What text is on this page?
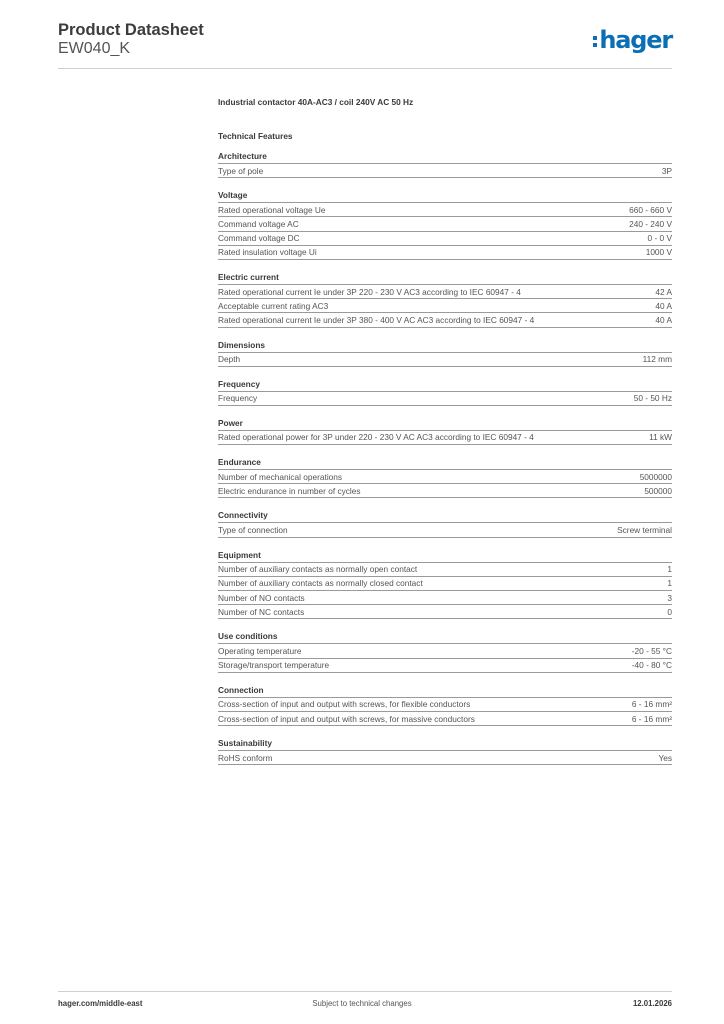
Product Datasheet
EW040_K	hager
Industrial contactor 40A-AC3 / coil 240V AC 50 Hz
Technical Features
Architecture
Type of pole	3P
Voltage
Rated operational voltage Ue	660 - 660 V
Command voltage AC	240 - 240 V
Command voltage DC	0 - 0 V
Rated insulation voltage Ui	1000 V
Electric current
Rated operational current Ie under 3P 220 - 230 V AC3 according to IEC 60947 - 4	42 A
Acceptable current rating AC3	40 A
Rated operational current Ie under 3P 380 - 400 V AC AC3 according to IEC 60947 - 4	40 A
Dimensions
Depth	112 mm
Frequency
Frequency	50 - 50 Hz
Power
Rated operational power for 3P under 220 - 230 V AC AC3 according to IEC 60947 - 4	11 kW
Endurance
Number of mechanical operations	5000000
Electric endurance in number of cycles	500000
Connectivity
Type of connection	Screw terminal
Equipment
Number of auxiliary contacts as normally open contact	1
Number of auxiliary contacts as normally closed contact	1
Number of NO contacts	3
Number of NC contacts	0
Use conditions
Operating temperature	-20 - 55 °C
Storage/transport temperature	-40 - 80 °C
Connection
Cross-section of input and output with screws, for flexible conductors	6 - 16 mm²
Cross-section of input and output with screws, for massive conductors	6 - 16 mm²
Sustainability
RoHS conform	Yes
hager.com/middle-east	Subject to technical changes	12.01.2026
